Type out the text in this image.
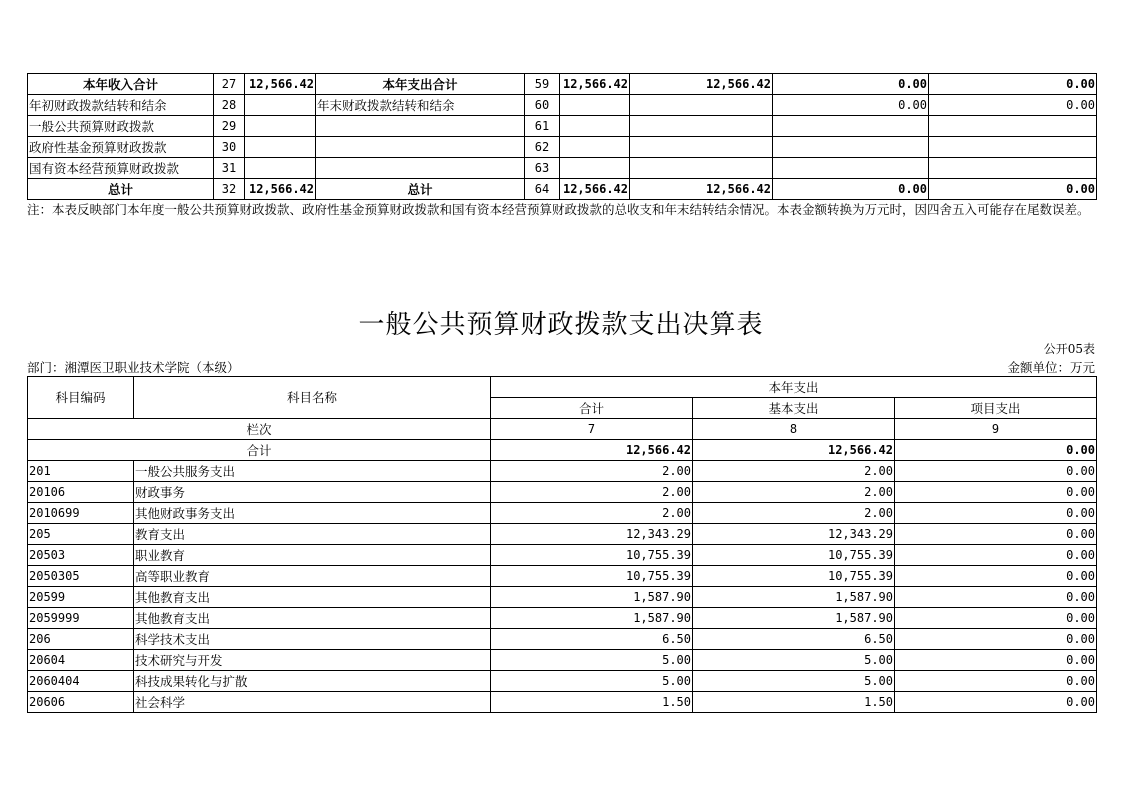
本年收入合计	27	12,566.42	本年支出合计	59	12,566.42	12,566.42	0.00	0.00
年初财政拨款结转和结余	28		年末财政拨款结转和结余	60			0.00	0.00
一般公共预算财政拨款	29			61				
政府性基金预算财政拨款	30			62				
国有资本经营预算财政拨款	31			63				
总计	32	12,566.42	总计	64	12,566.42	12,566.42	0.00	0.00
注：本表反映部门本年度一般公共预算财政拨款、政府性基金预算财政拨款和国有资本经营预算财政拨款的总收支和年末结转结余情况。本表金额转换为万元时，因四舍五入可能存在尾数误差。
一般公共预算财政拨款支出决算表
公开05表
部门：湘潭医卫职业技术学院（本级）	金额单位：万元
科目编码	科目名称	本年支出		
		合计	基本支出	项目支出
栏次		7	8	9
合计		12,566.42	12,566.42	0.00
201	一般公共服务支出	2.00	2.00	0.00
20106	财政事务	2.00	2.00	0.00
2010699	其他财政事务支出	2.00	2.00	0.00
205	教育支出	12,343.29	12,343.29	0.00
20503	职业教育	10,755.39	10,755.39	0.00
2050305	高等职业教育	10,755.39	10,755.39	0.00
20599	其他教育支出	1,587.90	1,587.90	0.00
2059999	其他教育支出	1,587.90	1,587.90	0.00
206	科学技术支出	6.50	6.50	0.00
20604	技术研究与开发	5.00	5.00	0.00
2060404	科技成果转化与扩散	5.00	5.00	0.00
20606	社会科学	1.50	1.50	0.00
